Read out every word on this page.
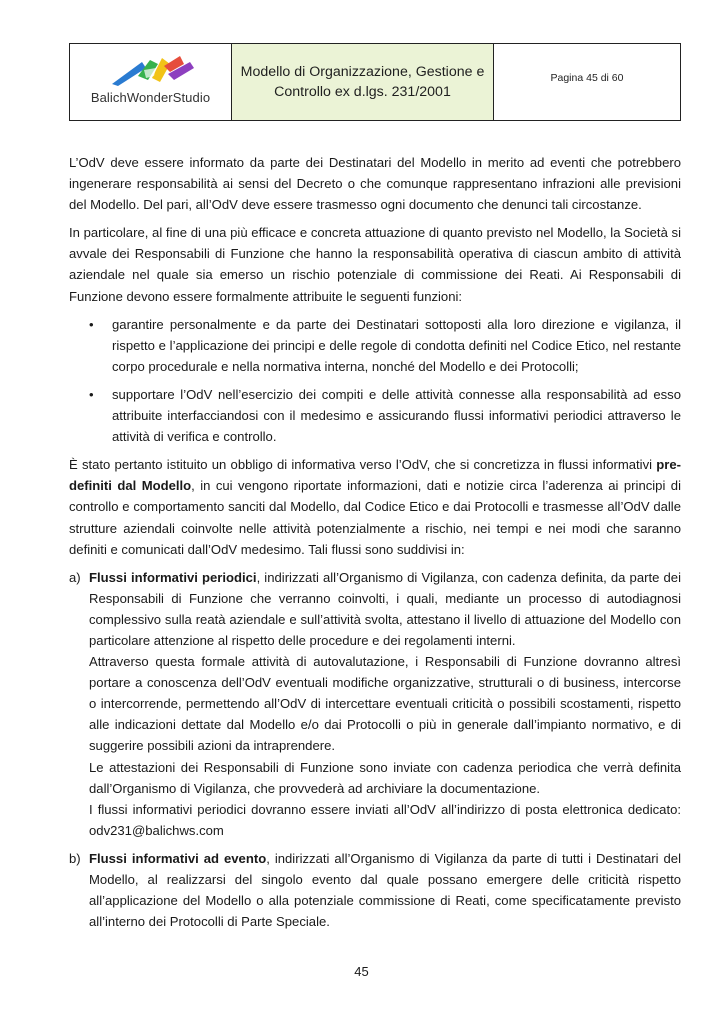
BalichWonderStudio
Modello di Organizzazione, Gestione e
Controllo ex d.lgs. 231/2001
Pagina 45 di 60

L’OdV deve essere informato da parte dei Destinatari del Modello in merito ad eventi che potrebbero ingenerare responsabilità ai sensi del Decreto o che comunque rappresentano infrazioni alle previsioni del Modello. Del pari, all’OdV deve essere trasmesso ogni documento che denunci tali circostanze.

In particolare, al fine di una più efficace e concreta attuazione di quanto previsto nel Modello, la Società si avvale dei Responsabili di Funzione che hanno la responsabilità operativa di ciascun ambito di attività aziendale nel quale sia emerso un rischio potenziale di commissione dei Reati. Ai Responsabili di Funzione devono essere formalmente attribuite le seguenti funzioni:

• garantire personalmente e da parte dei Destinatari sottoposti alla loro direzione e vigilanza, il rispetto e l’applicazione dei principi e delle regole di condotta definiti nel Codice Etico, nel restante corpo procedurale e nella normativa interna, nonché del Modello e dei Protocolli;
• supportare l’OdV nell’esercizio dei compiti e delle attività connesse alla responsabilità ad esso attribuite interfacciandosi con il medesimo e assicurando flussi informativi periodici attraverso le attività di verifica e controllo.

È stato pertanto istituito un obbligo di informativa verso l’OdV, che si concretizza in flussi informativi pre-definiti dal Modello, in cui vengono riportate informazioni, dati e notizie circa l’aderenza ai principi di controllo e comportamento sanciti dal Modello, dal Codice Etico e dai Protocolli e trasmesse all’OdV dalle strutture aziendali coinvolte nelle attività potenzialmente a rischio, nei tempi e nei modi che saranno definiti e comunicati dall’OdV medesimo. Tali flussi sono suddivisi in:

a) Flussi informativi periodici, indirizzati all’Organismo di Vigilanza, con cadenza definita, da parte dei Responsabili di Funzione che verranno coinvolti, i quali, mediante un processo di autodiagnosi complessivo sulla reatà aziendale e sull’attività svolta, attestano il livello di attuazione del Modello con particolare attenzione al rispetto delle procedure e dei regolamenti interni.
Attraverso questa formale attività di autovalutazione, i Responsabili di Funzione dovranno altresì portare a conoscenza dell’OdV eventuali modifiche organizzative, strutturali o di business, intercorse o intercorrende, permettendo all’OdV di intercettare eventuali criticità o possibili scostamenti, rispetto alle indicazioni dettate dal Modello e/o dai Protocolli o più in generale dall’impianto normativo, e di suggerire possibili azioni da intraprendere.
Le attestazioni dei Responsabili di Funzione sono inviate con cadenza periodica che verrà definita dall’Organismo di Vigilanza, che provvederà ad archiviare la documentazione.
I flussi informativi periodici dovranno essere inviati all’OdV all’indirizzo di posta elettronica dedicato: odv231@balichws.com
b) Flussi informativi ad evento, indirizzati all’Organismo di Vigilanza da parte di tutti i Destinatari del Modello, al realizzarsi del singolo evento dal quale possano emergere delle criticità rispetto all’applicazione del Modello o alla potenziale commissione di Reati, come specificatamente previsto all’interno dei Protocolli di Parte Speciale.
45
